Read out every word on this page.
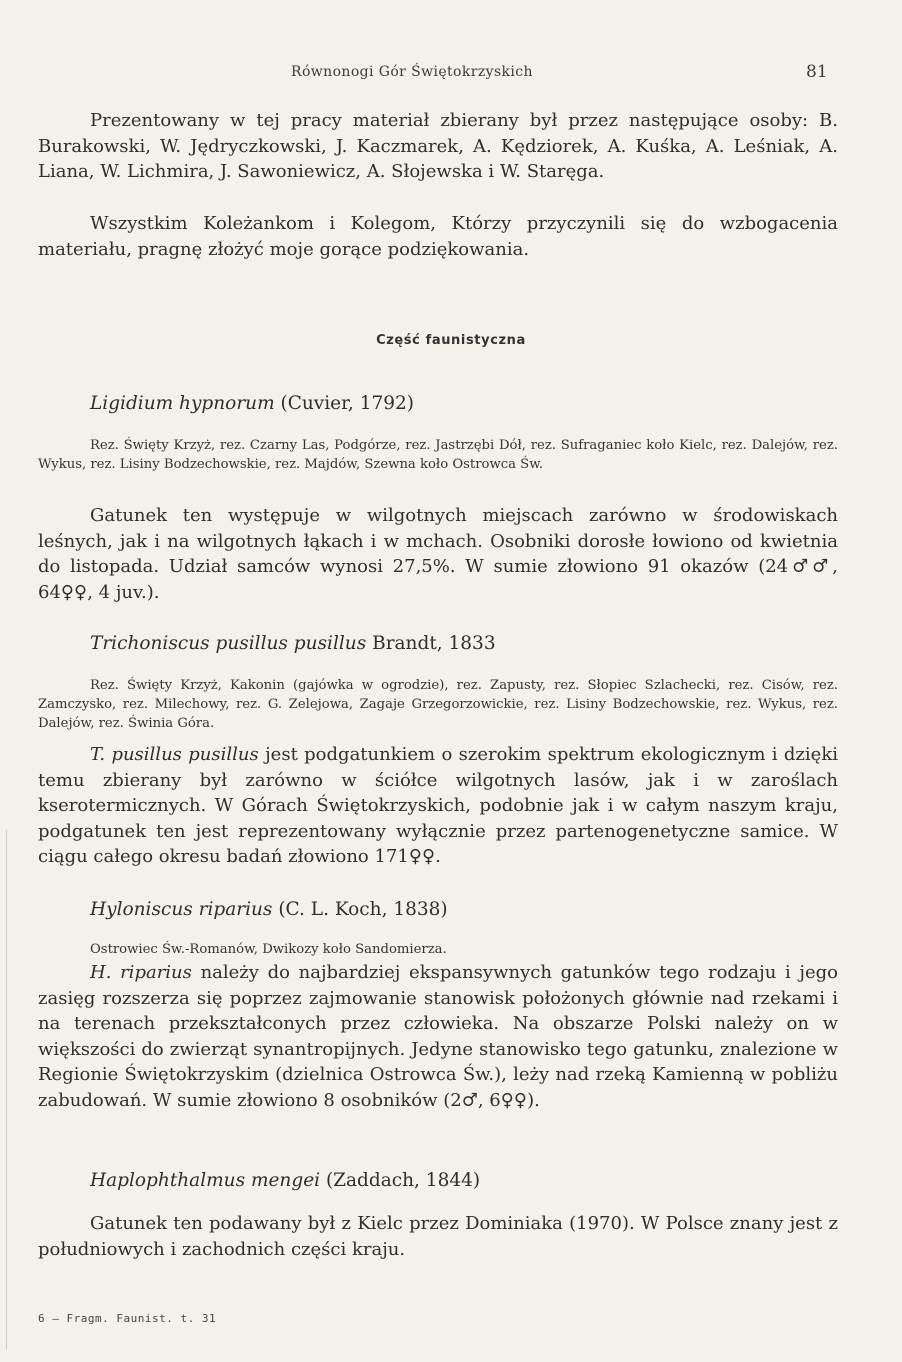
Równonogi Gór Świętokrzyskich	81

Prezentowany w tej pracy materiał zbierany był przez następujące osoby: B. Burakowski, W. Jędryczkowski, J. Kaczmarek, A. Kędziorek, A. Kuśka, A. Leśniak, A. Liana, W. Lichmira, J. Sawoniewicz, A. Słojewska i W. Staręga.

Wszystkim Koleżankom i Kolegom, Którzy przyczynili się do wzbogacenia materiału, pragnę złożyć moje gorące podziękowania.

Część faunistyczna
Ligidium hypnorum (Cuvier, 1792)

Rez. Święty Krzyż, rez. Czarny Las, Podgórze, rez. Jastrzębi Dół, rez. Sufraganiec koło Kielc, rez. Dalejów, rez. Wykus, rez. Lisiny Bodzechowskie, rez. Majdów, Szewna koło Ostrowca Św.

Gatunek ten występuje w wilgotnych miejscach zarówno w środowiskach leśnych, jak i na wilgotnych łąkach i w mchach. Osobniki dorosłe łowiono od kwietnia do listopada. Udział samców wynosi 27,5%. W sumie złowiono 91 okazów (24♂♂, 64♀♀, 4 juv.).

Trichoniscus pusillus pusillus Brandt, 1833

Rez. Święty Krzyż, Kakonin (gajówka w ogrodzie), rez. Zapusty, rez. Słopiec Szlachecki, rez. Cisów, rez. Zamczysko, rez. Milechowy, rez. G. Zelejowa, Zagaje Grzegorzowickie, rez. Lisiny Bodzechowskie, rez. Wykus, rez. Dalejów, rez. Świnia Góra.

T. pusillus pusillus jest podgatunkiem o szerokim spektrum ekologicznym i dzięki temu zbierany był zarówno w ściółce wilgotnych lasów, jak i w zaroślach kserotermicznych. W Górach Świętokrzyskich, podobnie jak i w całym naszym kraju, podgatunek ten jest reprezentowany wyłącznie przez partenogenetyczne samice. W ciągu całego okresu badań złowiono 171♀♀.

Hyloniscus riparius (C. L. Koch, 1838)

Ostrowiec Św.-Romanów, Dwikozy koło Sandomierza.

H. riparius należy do najbardziej ekspansywnych gatunków tego rodzaju i jego zasięg rozszerza się poprzez zajmowanie stanowisk położonych głównie nad rzekami i na terenach przekształconych przez człowieka. Na obszarze Polski należy on w większości do zwierząt synantropijnych. Jedyne stanowisko tego gatunku, znalezione w Regionie Świętokrzyskim (dzielnica Ostrowca Św.), leży nad rzeką Kamienną w pobliżu zabudowań. W sumie złowiono 8 osobników (2♂, 6♀♀).

Haplophthalmus mengei (Zaddach, 1844)

Gatunek ten podawany był z Kielc przez Dominiaka (1970). W Polsce znany jest z południowych i zachodnich części kraju.

6 — Fragm. Faunist. t. 31
